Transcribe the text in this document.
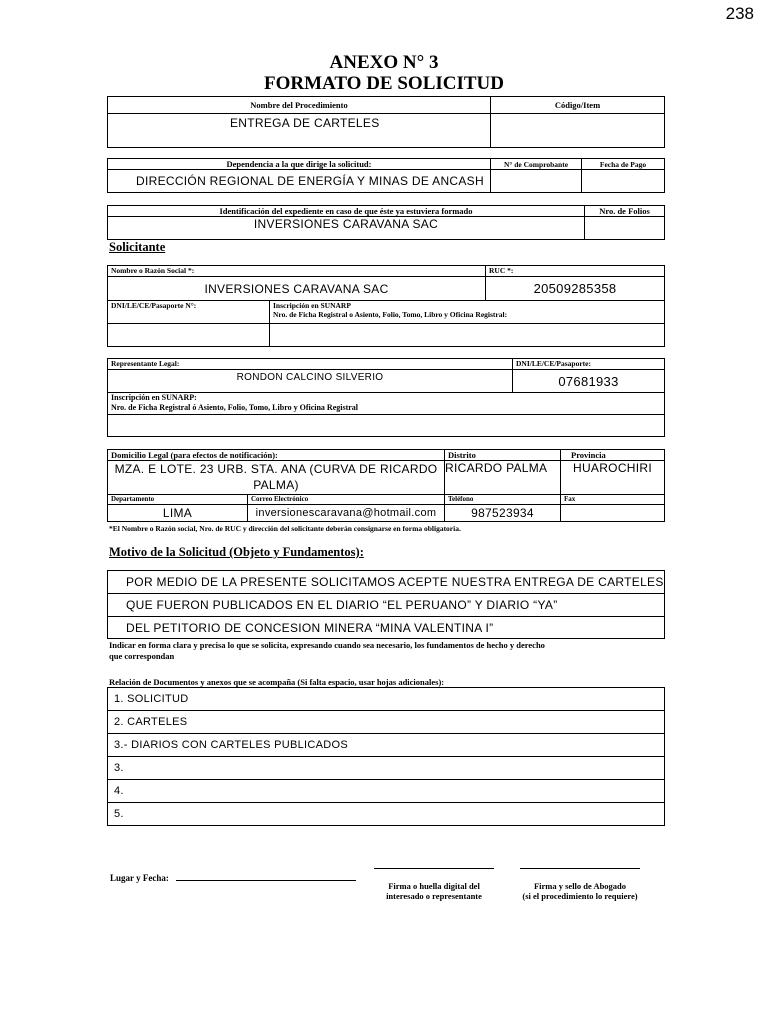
238
ANEXO N° 3
FORMATO DE SOLICITUD
Nombre del Procedimiento	Código/Item
ENTREGA DE CARTELES	
Dependencia a la que dirige la solicitud:	N° de Comprobante	Fecha de Pago
DIRECCIÓN REGIONAL DE ENERGÍA Y MINAS DE ANCASH		
Identificación del expediente en caso de que éste ya estuviera formado	Nro. de Folios
INVERSIONES CARAVANA SAC	
Solicitante
Nombre o Razón Social *:		RUC *:
INVERSIONES CARAVANA SAC		20509285358
DNI/LE/CE/Pasaporte N°:	Inscripción en SUNARP
Nro. de Ficha Registral o Asiento, Folio, Tomo, Libro y Oficina Registral:	

Representante Legal:	DNI/LE/CE/Pasaporte:
RONDON CALCINO SILVERIO	07681933

Inscripción en SUNARP:
Nro. de Ficha Registral ó Asiento, Folio, Tomo, Libro y Oficina Registral	

Domicilio Legal (para efectos de notificación):		Distrito	Provincia

MZA. E LOTE. 23 URB. STA. ANA (CURVA DE RICARDO
PALMA)		RICARDO PALMA	HUAROCHIRI
Departamento	Correo Electrónico	Teléfono	Fax
LIMA	inversionescaravana@hotmail.com	987523934	
*El Nombre o Razón social, Nro. de RUC y dirección del solicitante deberán consignarse en forma obligatoria.
Motivo de la Solicitud (Objeto y Fundamentos):
POR MEDIO DE LA PRESENTE SOLICITAMOS ACEPTE NUESTRA ENTREGA DE CARTELES
QUE FUERON PUBLICADOS EN EL DIARIO “EL PERUANO” Y DIARIO “YA”
DEL PETITORIO DE CONCESION MINERA “MINA VALENTINA I”
Indicar en forma clara y precisa lo que se solicita, expresando cuando sea necesario, los fundamentos de hecho y derecho
que correspondan
Relación de Documentos y anexos que se acompaña (Si falta espacio, usar hojas adicionales):
1. SOLICITUD
2. CARTELES
3.- DIARIOS CON CARTELES PUBLICADOS
3.
4.
5.
Lugar y Fecha:
Firma o huella digital del
interesado o representante
Firma y sello de Abogado
(si el procedimiento lo requiere)
